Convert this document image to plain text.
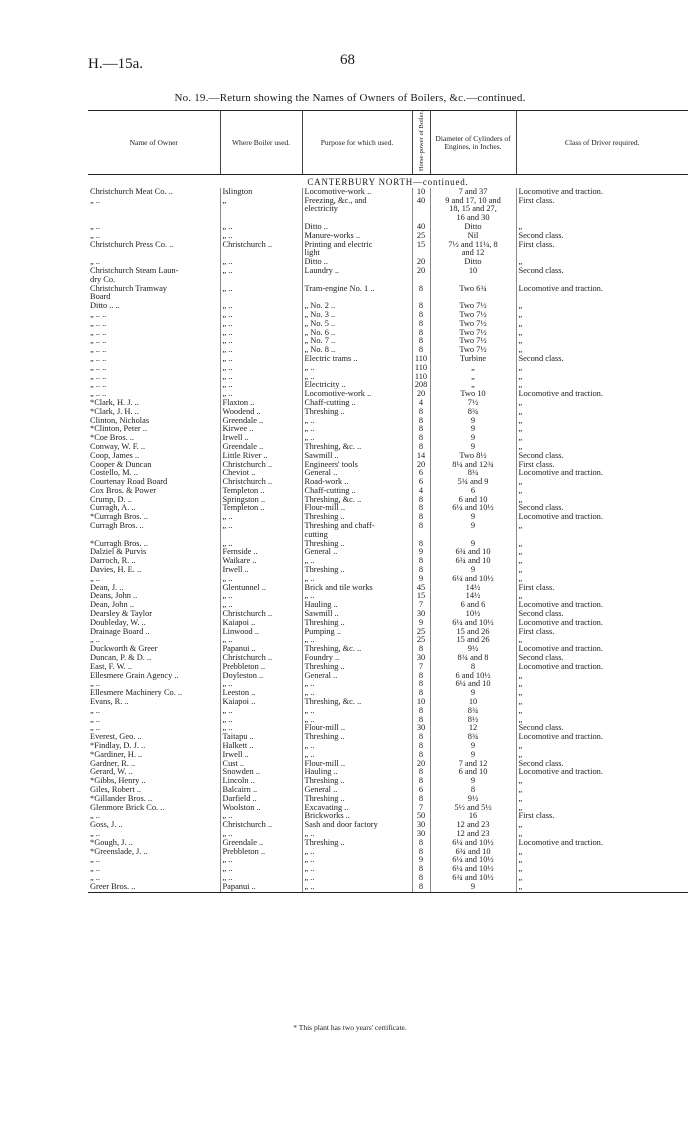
H.—15a.	68
No. 19.—Return showing the Names of Owners of Boilers, &c.—continued.
Name of Owner	Where Boiler used.	Purpose for which used.	Horse-power of Boiler.	Diameter of Cylinders of Engines, in Inches.	Class of Driver required.
CANTERBURY NORTH—continued.					
Christchurch Meat Co. ..	Islington	Locomotive-work ..	10	7 and 37	Locomotive and traction.
„ ..	„	Freezing, &c., and	40	9 and 17, 10 and	First class.
		electricity		18, 15 and 27,	
				16 and 30	
„ ..	„ ..	Ditto ..	40	Ditto	„
„ ..	„ ..	Manure-works ..	25	Nil	Second class.
Christchurch Press Co. ..	Christchurch ..	Printing and electric	15	7½ and 11¼, 8	First class.
		light		and 12	
„ ..	„ ..	Ditto ..	20	Ditto	„
Christchurch Steam Laun-	„ ..	Laundry ..	20	10	Second class.
dry Co.					
Christchurch Tramway	„ ..	Tram-engine No. 1 ..	8	Two 6¾	Locomotive and traction.
Board					
Ditto .. ..	„ ..	„ No. 2 ..	8	Two 7½	„
„ .. ..	„ ..	„ No. 3 ..	8	Two 7½	„
„ .. ..	„ ..	„ No. 5 ..	8	Two 7½	„
„ .. ..	„ ..	„ No. 6 ..	8	Two 7½	„
„ .. ..	„ ..	„ No. 7 ..	8	Two 7½	„
„ .. ..	„ ..	„ No. 8 ..	8	Two 7½	„
„ .. ..	„ ..	Electric trams ..	110	Turbine	Second class.
„ .. ..	„ ..	„ ..	110	„	„
„ .. ..	„ ..	„ ..	110	„	„
„ .. ..	„ ..	Electricity ..	208	„	„
„ .. ..	„ ..	Locomotive-work ..	20	Two 10	Locomotive and traction.
*Clark, H. J. ..	Flaxton ..	Chaff-cutting ..	4	7½	„
*Clark, J. H. ..	Woodend ..	Threshing ..	8	8¾	„
Clinton, Nicholas	Greendale ..	„ ..	8	9	„
*Clinton, Peter ..	Kirwee ..	„ ..	8	9	„
*Coe Bros. ..	Irwell ..	„ ..	8	9	„
Conway, W. F. ..	Greendale ..	Threshing, &c. ..	8	9	„
Coop, James ..	Little River ..	Sawmill ..	14	Two 8½	Second class.
Cooper & Duncan	Christchurch ..	Engineers' tools	20	8¼ and 12¾	First class.
Costello, M. ..	Cheviot ..	General ..	6	8¼	Locomotive and traction.
Courtenay Road Board	Christchurch ..	Road-work ..	6	5¾ and 9	„
Cox Bros. & Power	Templeton ..	Chaff-cutting ..	4	6	„
Crump, D. ..	Springston ..	Threshing, &c. ..	8	6 and 10	„
Curragh, A. ..	Templeton ..	Flour-mill ..	8	6¼ and 10½	Second class.
*Curragh Bros. ..	„ ..	Threshing ..	8	9	Locomotive and traction.
Curragh Bros. ..	„ ..	Threshing and chaff-	8	9	„
		cutting			
*Curragh Bros. ..	„ ..	Threshing ..	8	9	„
Dalziel & Purvis	Fernside ..	General ..	9	6¾ and 10	„
Darroch, R. ..	Waikare ..	„ ..	8	6¾ and 10	„
Davies, H. E. ..	Irwell ..	Threshing ..	8	9	„
„ ..	„ ..	„ ..	9	6¼ and 10½	„
Dean, J. ..	Glentunnel ..	Brick and tile works	45	14½	First class.
Deans, John ..	„ ..	„ ..	15	14½	„
Dean, John ..	„ ..	Hauling ..	7	6 and 6	Locomotive and traction.
Dearsley & Taylor	Christchurch ..	Sawmill ..	30	10½	Second class.
Doubleday, W. ..	Kaiapoi ..	Threshing ..	9	6¼ and 10½	Locomotive and traction.
Drainage Board ..	Linwood ..	Pumping ..	25	15 and 26	First class.
„ ..	„ ..	„ ..	25	15 and 26	„
Duckworth & Greer	Papanui ..	Threshing, &c. ..	8	9½	Locomotive and traction.
Duncan, P. & D. ..	Christchurch ..	Foundry ..	30	8¾ and 8	Second class.
East, F. W. ..	Prebbleton ..	Threshing ..	7	8	Locomotive and traction.
Ellesmere Grain Agency ..	Doyleston ..	General ..	8	6 and 10½	„
„ ..	„ ..	„ ..	8	6¼ and 10	„
Ellesmere Machinery Co. ..	Leeston ..	„ ..	8	9	„
Evans, R. ..	Kaiapoi ..	Threshing, &c. ..	10	10	„
„ ..	„ ..	„ ..	8	8¾	„
„ ..	„ ..	„ ..	8	8½	„
„ ..	„ ..	Flour-mill ..	30	12	Second class.
Everest, Geo. ..	Taitapu ..	Threshing ..	8	8¾	Locomotive and traction.
*Findlay, D. J. ..	Halkett ..	„ ..	8	9	„
*Gardiner, H. ..	Irwell ..	„ ..	8	9	„
Gardner, R. ..	Cust ..	Flour-mill ..	20	7 and 12	Second class.
Gerard, W. ..	Snowden ..	Hauling ..	8	6 and 10	Locomotive and traction.
*Gibbs, Henry ..	Lincoln ..	Threshing ..	8	9	„
Giles, Robert ..	Balcairn ..	General ..	6	8	„
*Gillander Bros. ..	Darfield ..	Threshing ..	8	9½	„
Glenmore Brick Co. ..	Woolston ..	Excavating ..	7	5½ and 5½	„
„ ..	„ ..	Brickworks ..	50	16	First class.
Goss, J. ..	Christchurch ..	Sash and door factory	30	12 and 23	„
„ ..	„ ..	„ ..	30	12 and 23	„
*Gough, J. ..	Greendale ..	Threshing ..	8	6¼ and 10½	Locomotive and traction.
*Greenslade, J. ..	Prebbleton ..	„ ..	8	6¾ and 10	„
„ ..	„ ..	„ ..	9	6¼ and 10½	„
„ ..	„ ..	„ ..	8	6¼ and 10½	„
„ ..	„ ..	„ ..	8	6¾ and 10½	„
Greer Bros. ..	Papanui ..	„ ..	8	9	„
* This plant has two years' certificate.
